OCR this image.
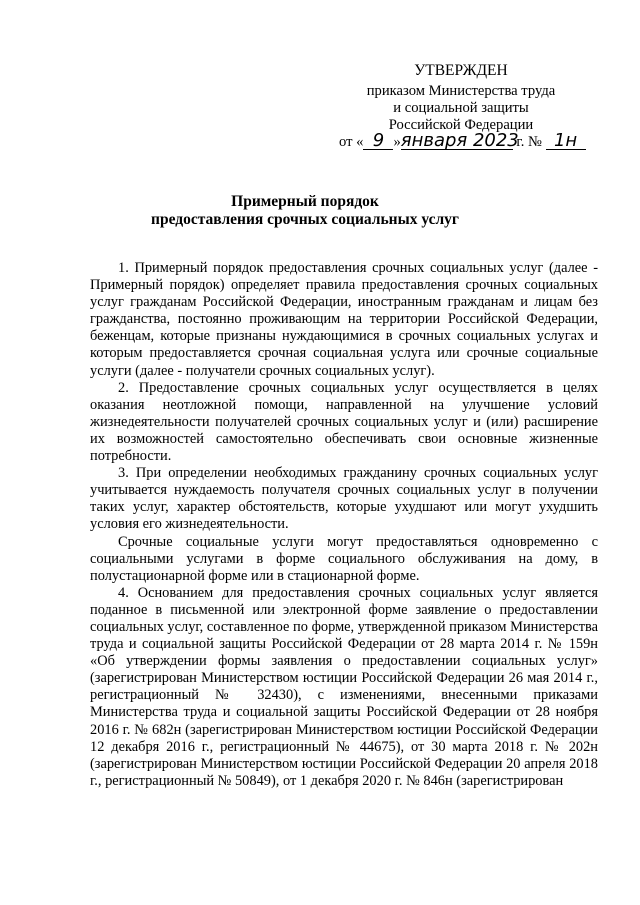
УТВЕРЖДЕН
приказом Министерства труда
и социальной защиты
Российской Федерации
от « 9 »января 2023 г. № 1н
Примерный порядок
предоставления срочных социальных услуг

1. Примерный порядок предоставления срочных социальных услуг (далее - Примерный порядок) определяет правила предоставления срочных социальных услуг гражданам Российской Федерации, иностранным гражданам и лицам без гражданства, постоянно проживающим на территории Российской Федерации, беженцам, которые признаны нуждающимися в срочных социальных услугах и которым предоставляется срочная социальная услуга или срочные социальные услуги (далее - получатели срочных социальных услуг).

2. Предоставление срочных социальных услуг осуществляется в целях оказания неотложной помощи, направленной на улучшение условий жизнедеятельности получателей срочных социальных услуг и (или) расширение их возможностей самостоятельно обеспечивать свои основные жизненные потребности.

3. При определении необходимых гражданину срочных социальных услуг учитывается нуждаемость получателя срочных социальных услуг в получении таких услуг, характер обстоятельств, которые ухудшают или могут ухудшить условия его жизнедеятельности.

Срочные социальные услуги могут предоставляться одновременно с социальными услугами в форме социального обслуживания на дому, в полустационарной форме или в стационарной форме.

4. Основанием для предоставления срочных социальных услуг является поданное в письменной или электронной форме заявление о предоставлении социальных услуг, составленное по форме, утвержденной приказом Министерства труда и социальной защиты Российской Федерации от 28 марта 2014 г. № 159н «Об утверждении формы заявления о предоставлении социальных услуг» (зарегистрирован Министерством юстиции Российской Федерации 26 мая 2014 г., регистрационный № 32430), с изменениями, внесенными приказами Министерства труда и социальной защиты Российской Федерации от 28 ноября 2016 г. № 682н (зарегистрирован Министерством юстиции Российской Федерации 12 декабря 2016 г., регистрационный № 44675), от 30 марта 2018 г. № 202н (зарегистрирован Министерством юстиции Российской Федерации 20 апреля 2018 г., регистрационный № 50849), от 1 декабря 2020 г. № 846н (зарегистрирован
